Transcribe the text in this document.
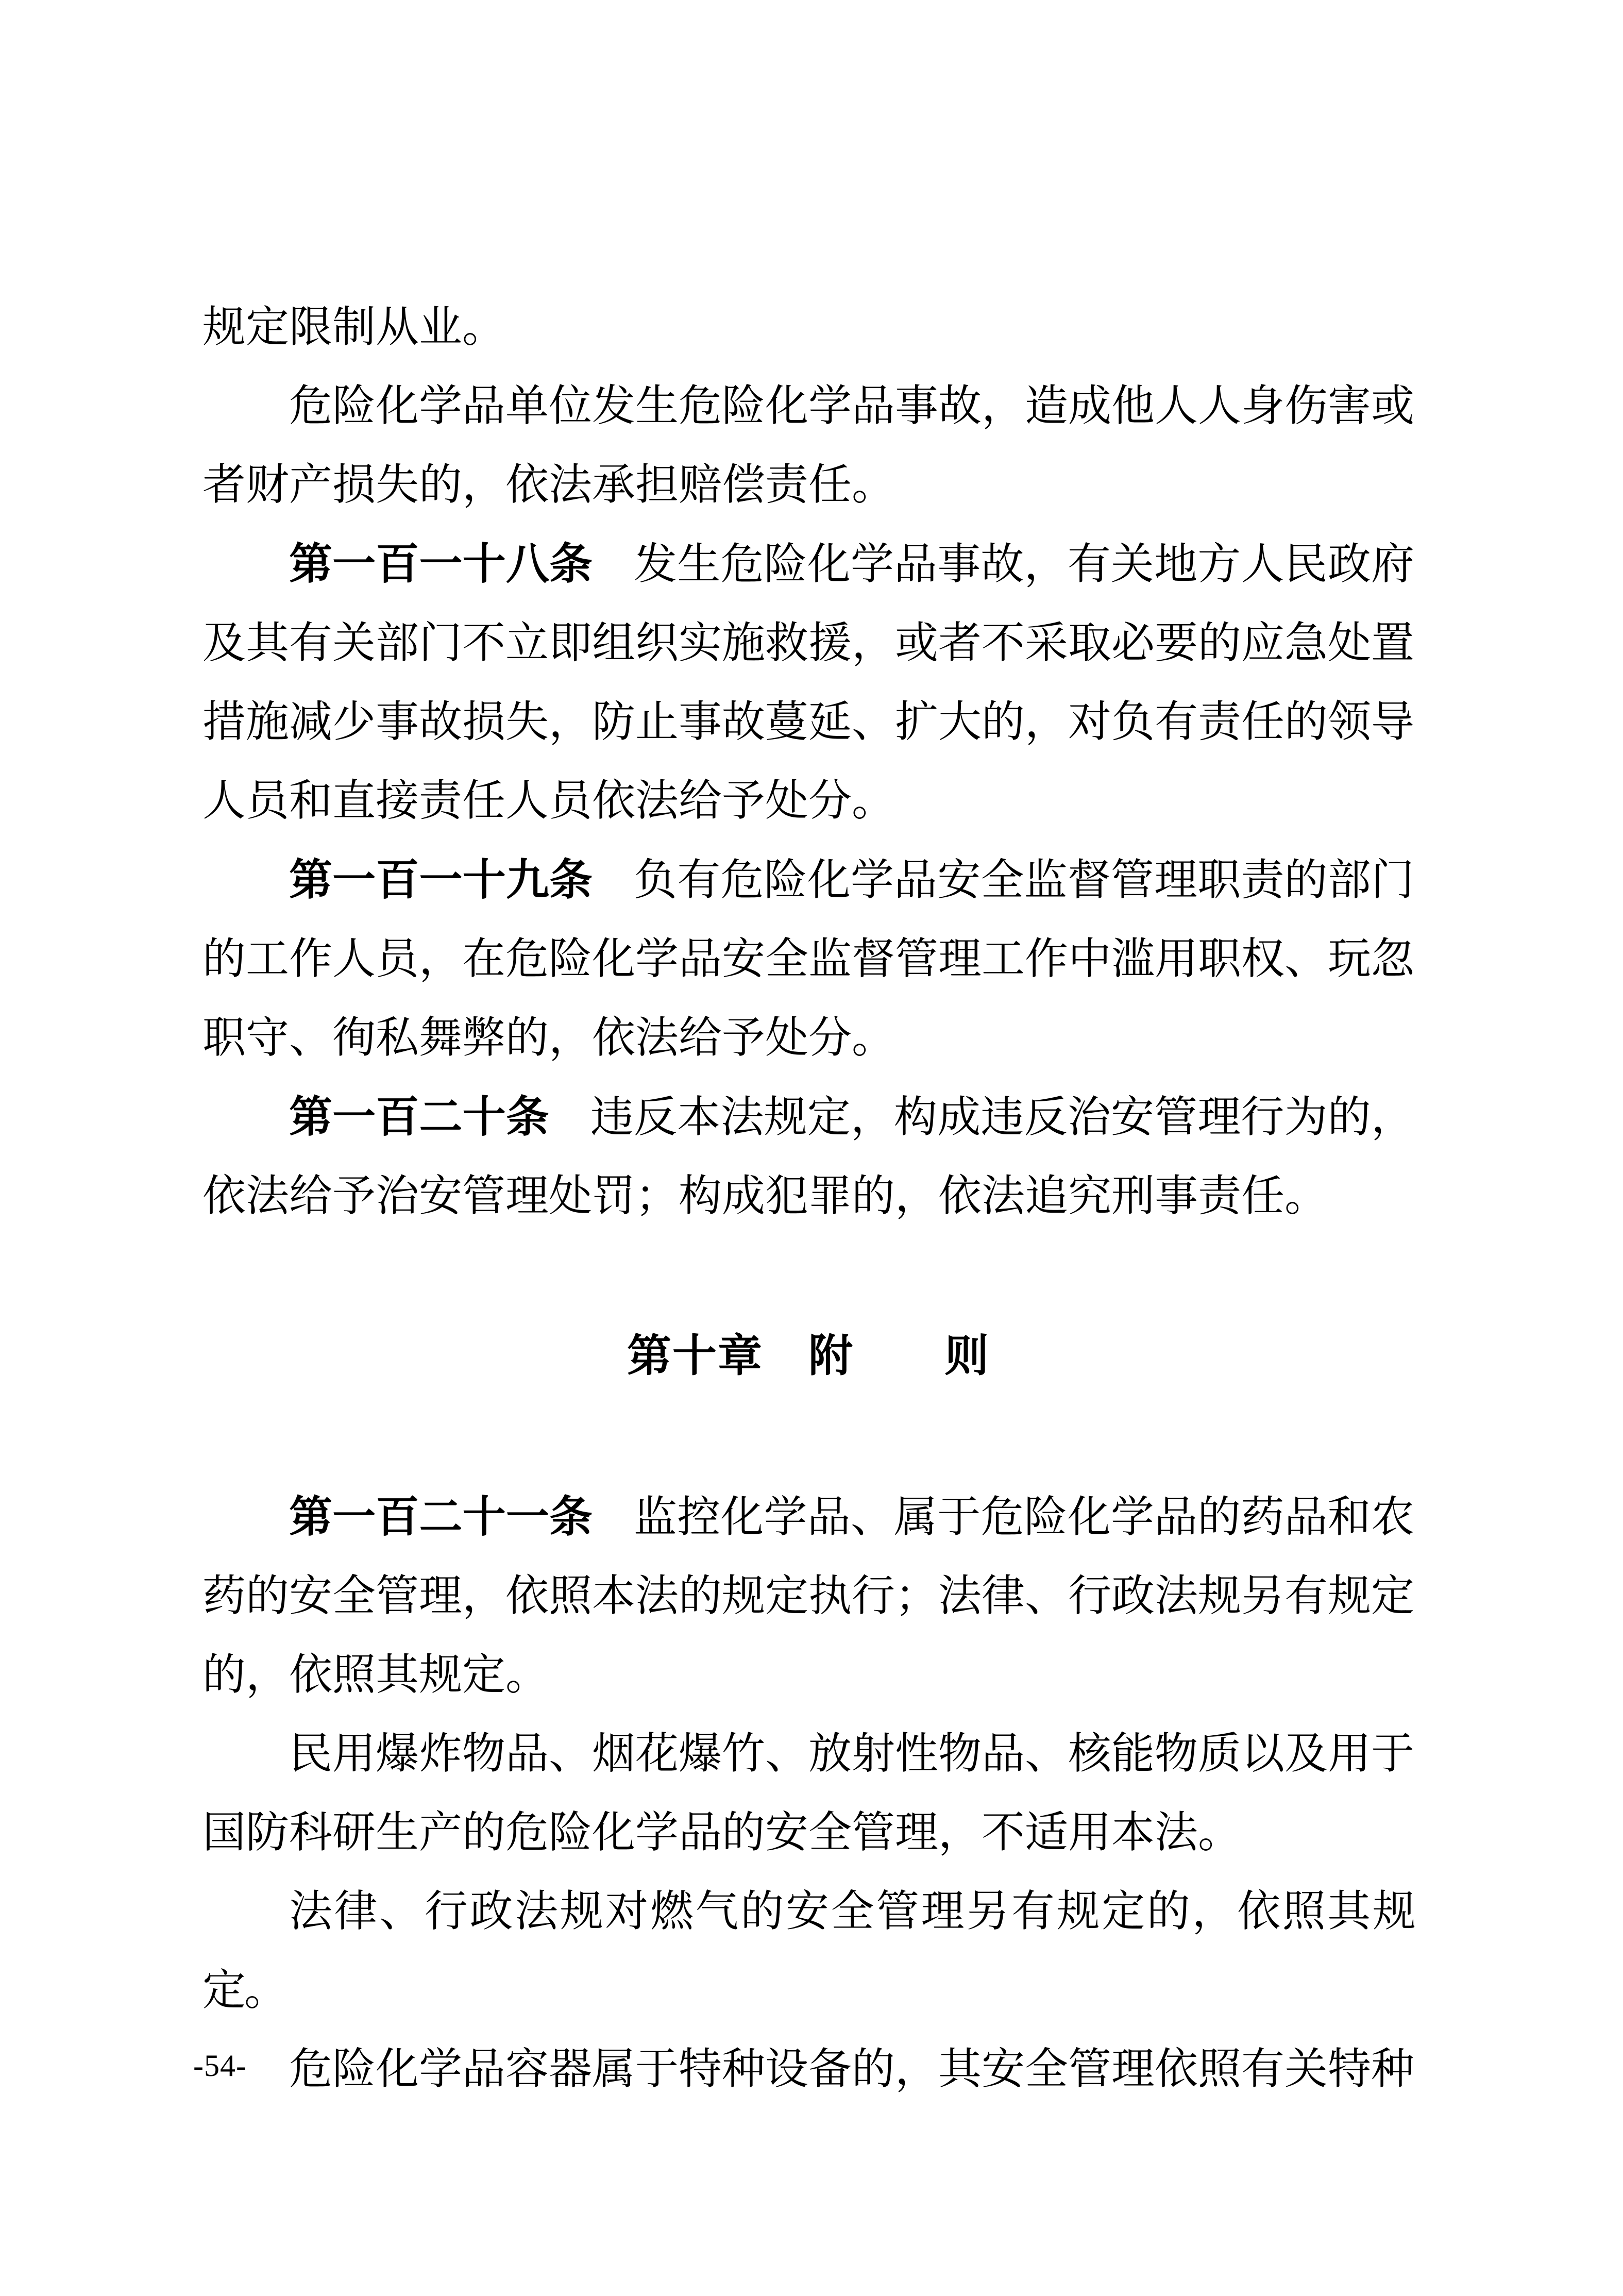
规定限制从业。

危险化学品单位发生危险化学品事故，造成他人人身伤害或者财产损失的，依法承担赔偿责任。

第一百一十八条 发生危险化学品事故，有关地方人民政府及其有关部门不立即组织实施救援，或者不采取必要的应急处置措施减少事故损失，防止事故蔓延、扩大的，对负有责任的领导人员和直接责任人员依法给予处分。

第一百一十九条 负有危险化学品安全监督管理职责的部门的工作人员，在危险化学品安全监督管理工作中滥用职权、玩忽职守、徇私舞弊的，依法给予处分。

第一百二十条 违反本法规定，构成违反治安管理行为的，依法给予治安管理处罚；构成犯罪的，依法追究刑事责任。

第十章　附　　则

第一百二十一条 监控化学品、属于危险化学品的药品和农药的安全管理，依照本法的规定执行；法律、行政法规另有规定的，依照其规定。

民用爆炸物品、烟花爆竹、放射性物品、核能物质以及用于国防科研生产的危险化学品的安全管理，不适用本法。

法律、行政法规对燃气的安全管理另有规定的，依照其规定。

危险化学品容器属于特种设备的，其安全管理依照有关特种

-54-
